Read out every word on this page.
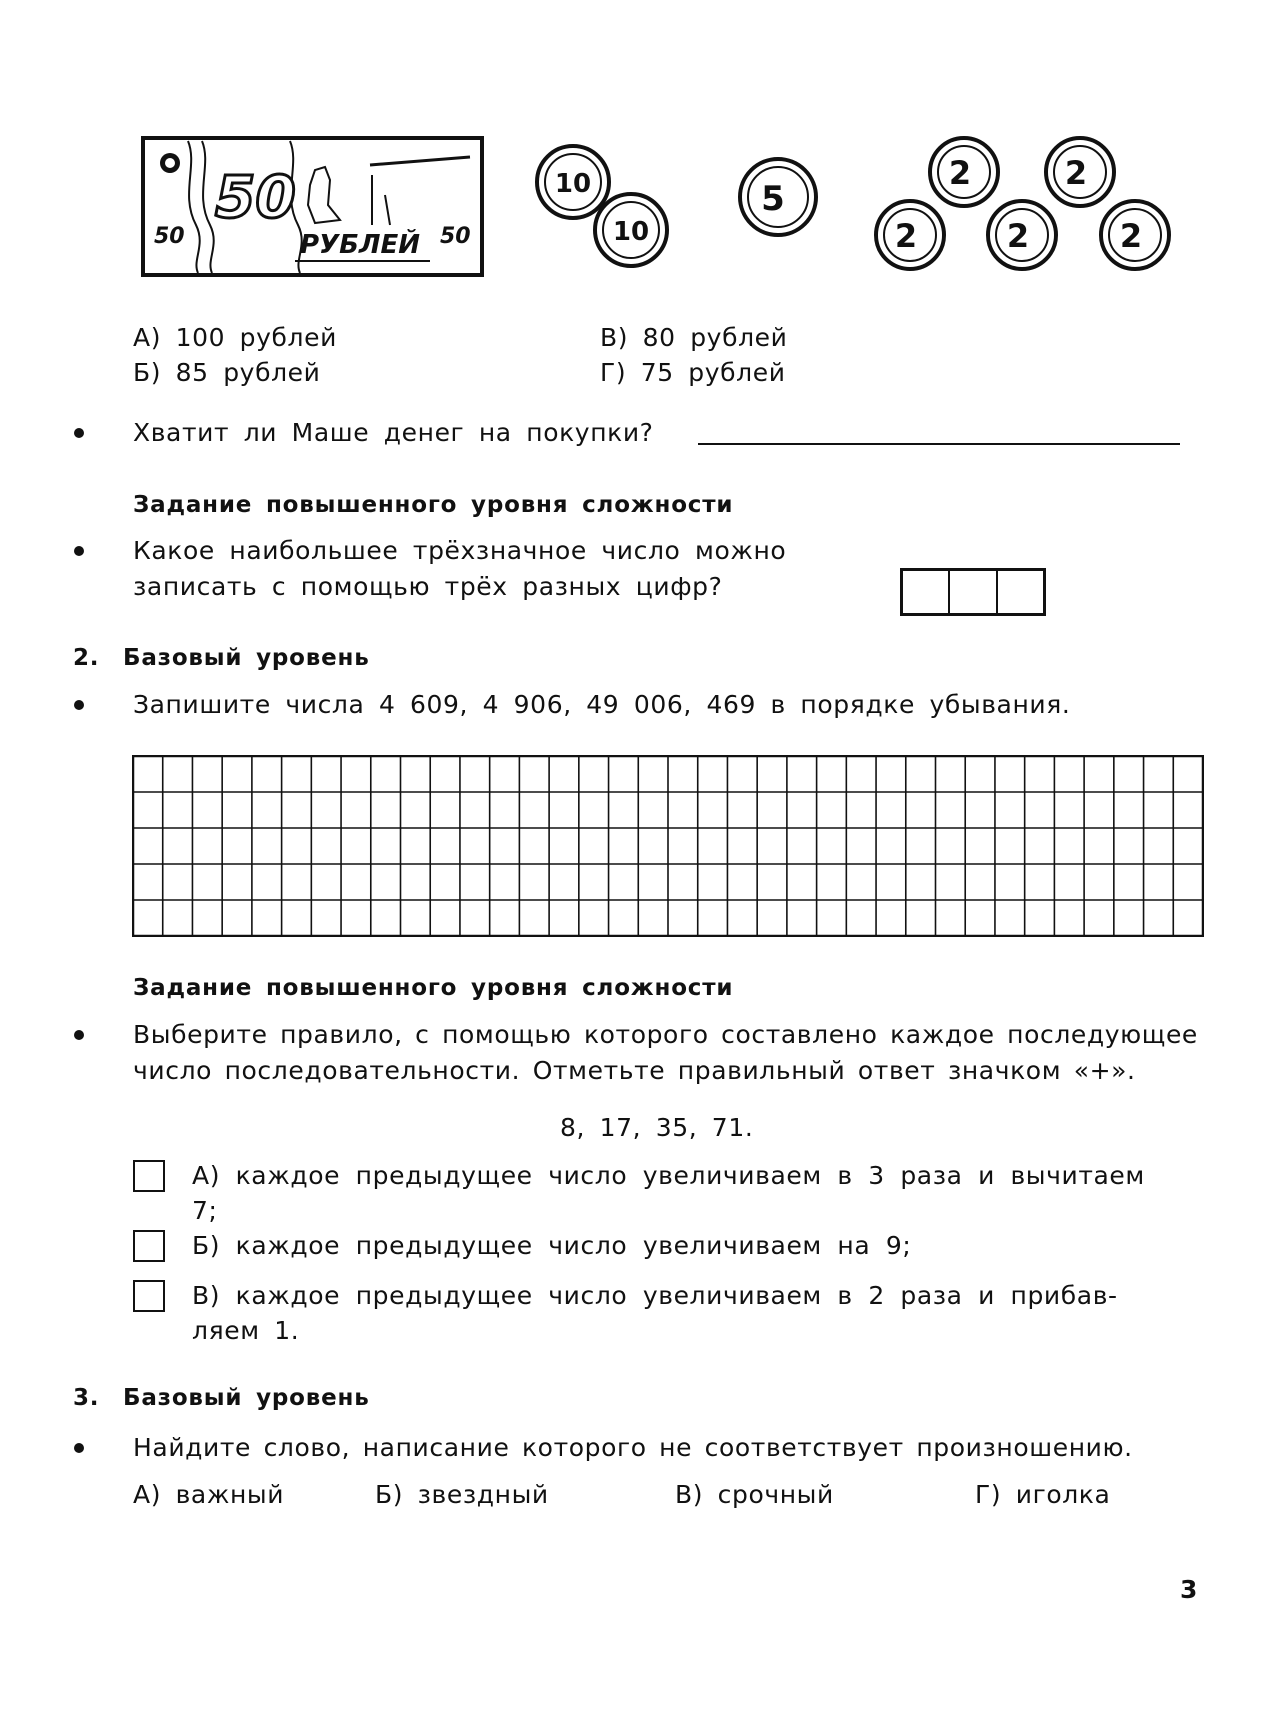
50
50	50
РУБЛЕЙ
10
10
5
2	2
2	2	2
А) 100 рублей
Б) 85 рублей
В) 80 рублей
Г) 75 рублей
Хватит ли Маше денег на покупки?
Задание повышенного уровня сложности
Какое наибольшее трёхзначное число можно
записать с помощью трёх разных цифр?
2. Базовый уровень
Запишите числа 4 609, 4 906, 49 006, 469 в порядке убывания.
Задание повышенного уровня сложности
Выберите правило, с помощью которого составлено каждое последующее
число последовательности. Отметьте правильный ответ значком «+».
8, 17, 35, 71.
А) каждое предыдущее число увеличиваем в 3 раза и вычитаем
7;
Б) каждое предыдущее число увеличиваем на 9;
В) каждое предыдущее число увеличиваем в 2 раза и прибав-
ляем 1.
3. Базовый уровень
Найдите слово, написание которого не соответствует произношению.
А) важный	Б) звездный	В) срочный	Г) иголка
3
